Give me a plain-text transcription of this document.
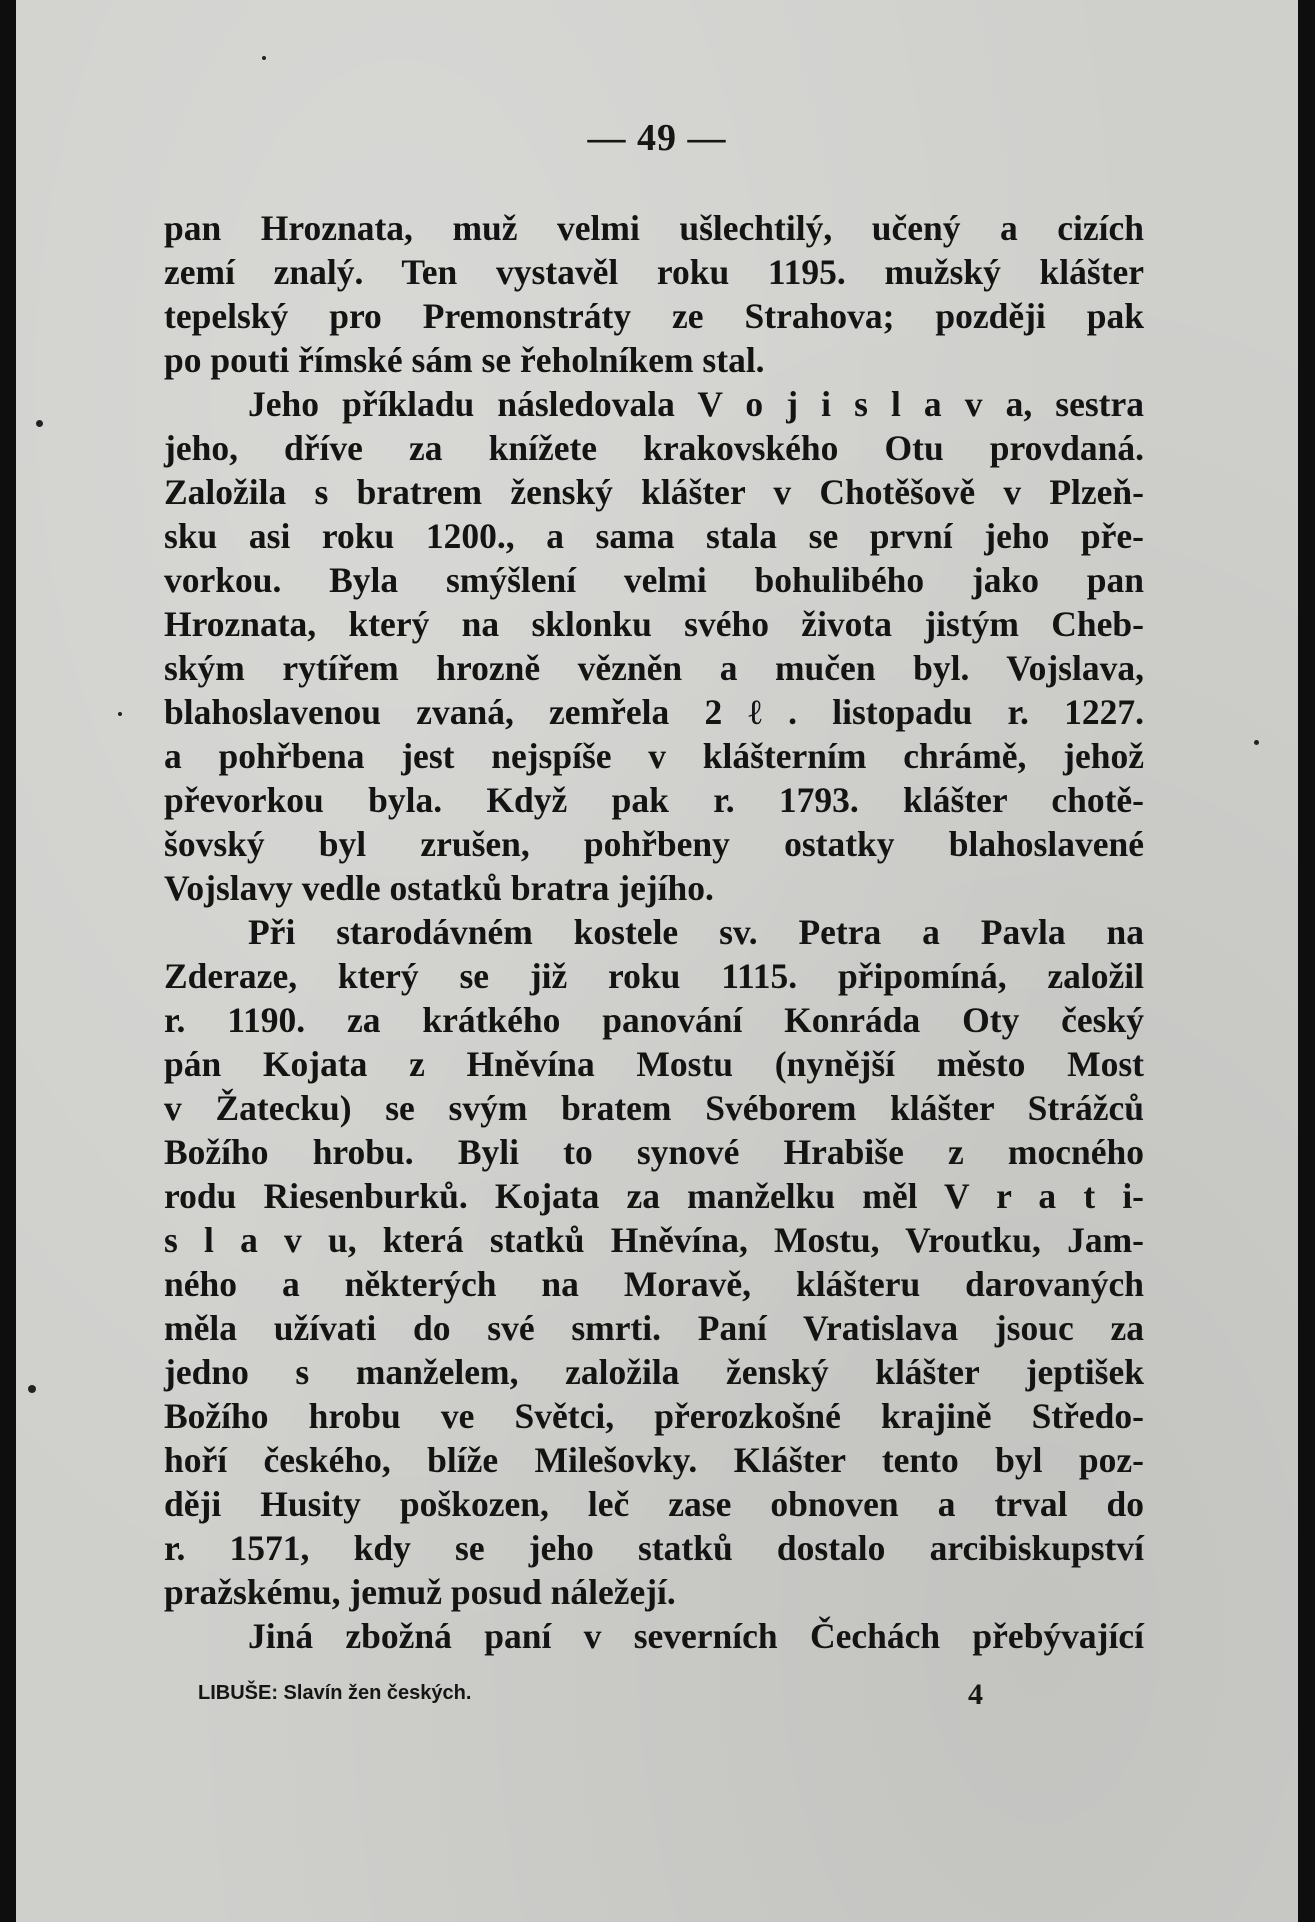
— 49 —
pan Hroznata, muž velmi ušlechtilý, učený a cizích
zemí znalý. Ten vystavěl roku 1195. mužský klášter
tepelský pro Premonstráty ze Strahova; později pak
po pouti římské sám se řeholníkem stal.
Jeho příkladu následovala V o j i s l a v a, sestra
jeho, dříve za knížete krakovského Otu provdaná.
Založila s bratrem ženský klášter v Chotěšově v Plzeň-
sku asi roku 1200., a sama stala se první jeho pře-
vorkou. Byla smýšlení velmi bohulibého jako pan
Hroznata, který na sklonku svého života jistým Cheb-
ským rytířem hrozně vězněn a mučen byl. Vojslava,
blahoslavenou zvaná, zemřela 2ℓ. listopadu r. 1227.
a pohřbena jest nejspíše v klášterním chrámě, jehož
převorkou byla. Když pak r. 1793. klášter chotě-
šovský byl zrušen, pohřbeny ostatky blahoslavené
Vojslavy vedle ostatků bratra jejího.
Při starodávném kostele sv. Petra a Pavla na
Zderaze, který se již roku 1115. připomíná, založil
r. 1190. za krátkého panování Konráda Oty český
pán Kojata z Hněvína Mostu (nynější město Most
v Žatecku) se svým bratem Svéborem klášter Strážců
Božího hrobu. Byli to synové Hrabiše z mocného
rodu Riesenburků. Kojata za manželku měl V r a t i-
s l a v u, která statků Hněvína, Mostu, Vroutku, Jam-
ného a některých na Moravě, klášteru darovaných
měla užívati do své smrti. Paní Vratislava jsouc za
jedno s manželem, založila ženský klášter jeptišek
Božího hrobu ve Světci, přerozkošné krajině Středo-
hoří českého, blíže Milešovky. Klášter tento byl poz-
ději Husity poškozen, leč zase obnoven a trval do
r. 1571, kdy se jeho statků dostalo arcibiskupství
pražskému, jemuž posud náležejí.
Jiná zbožná paní v severních Čechách přebývající
LIBUŠE: Slavín žen českých.	4
